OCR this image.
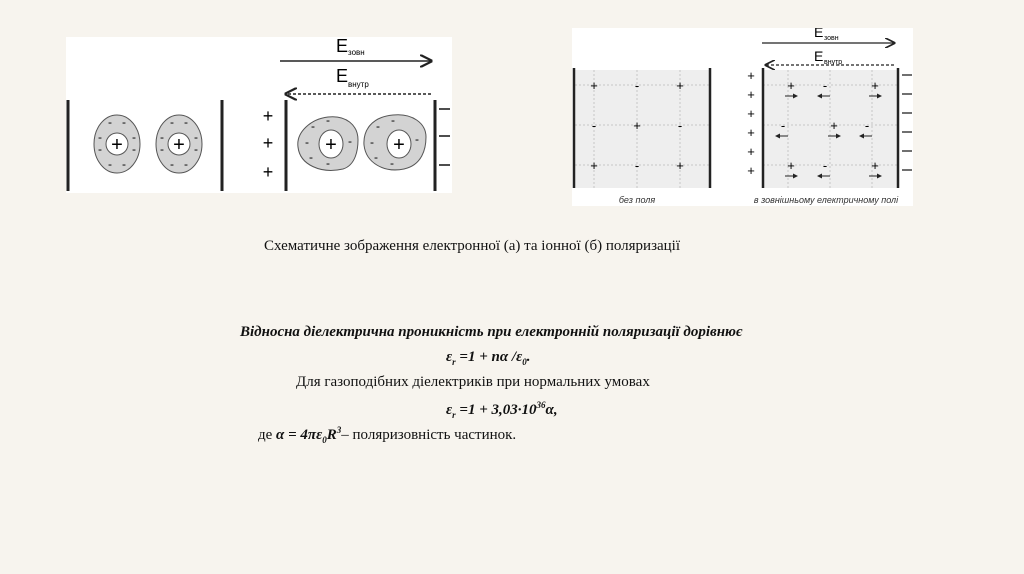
+
- -
-	-
-	-
- -
+
- -
-	-
-	-
- -
+
+
+
E зовн
E внутр
+
- -
-	-
- -
+
- -
-	-
- -
+	-	+
-	+	-
+	-	+
+
+
+
+
+
+
+ -	+
-	+ -
+ -	+
E зовн
E внутр
без поля	в зовнішньому електричному полі
Схематичне зображення електронної (а) та іонної (б) поляризації
Відносна діелектрична проникність при електронній поляризації дорівнює
$\varepsilon_r =1 + n\alpha$ $/\varepsilon_0$.
Для газоподібних діелектриків при нормальних умовах
$\varepsilon_r =1 + 3,03\cdot 10^{36}\alpha$,
де $\alpha = 4\pi\varepsilon_0R^3-$ поляризовність частинок.
